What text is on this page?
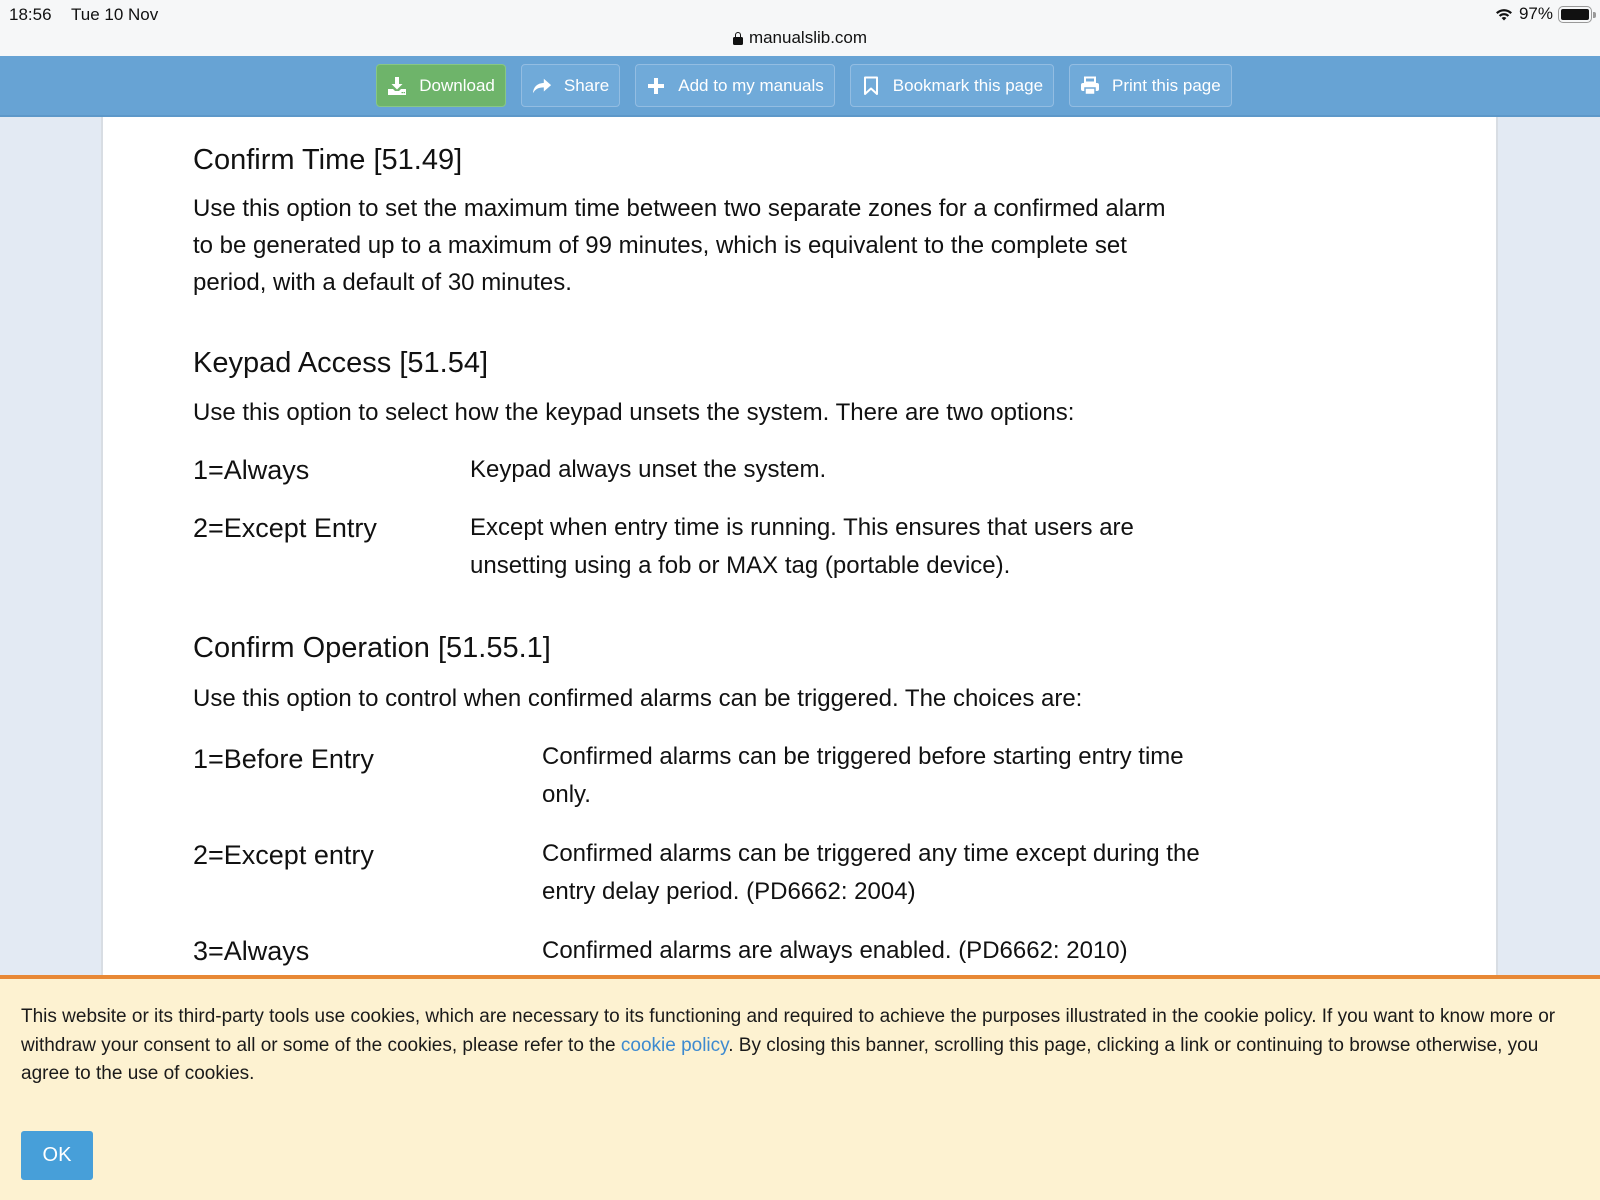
18:56 Tue 10 Nov	97%
manualslib.com
Download	Share	Add to my manuals	Bookmark this page	Print this page
Confirm Time [51.49]
Use this option to set the maximum time between two separate zones for a confirmed alarm
to be generated up to a maximum of 99 minutes, which is equivalent to the complete set
period, with a default of 30 minutes.
Keypad Access [51.54]
Use this option to select how the keypad unsets the system. There are two options:
1=Always	Keypad always unset the system.
2=Except Entry	Except when entry time is running. This ensures that users are
unsetting using a fob or MAX tag (portable device).
Confirm Operation [51.55.1]
Use this option to control when confirmed alarms can be triggered. The choices are:
1=Before Entry	Confirmed alarms can be triggered before starting entry time
only.
2=Except entry	Confirmed alarms can be triggered any time except during the
entry delay period. (PD6662: 2004)
3=Always	Confirmed alarms are always enabled. (PD6662: 2010)
This website or its third-party tools use cookies, which are necessary to its functioning and required to achieve the purposes illustrated in the cookie policy. If you want to know more or withdraw your consent to all or some of the cookies, please refer to the cookie policy. By closing this banner, scrolling this page, clicking a link or continuing to browse otherwise, you agree to the use of cookies.
OK
